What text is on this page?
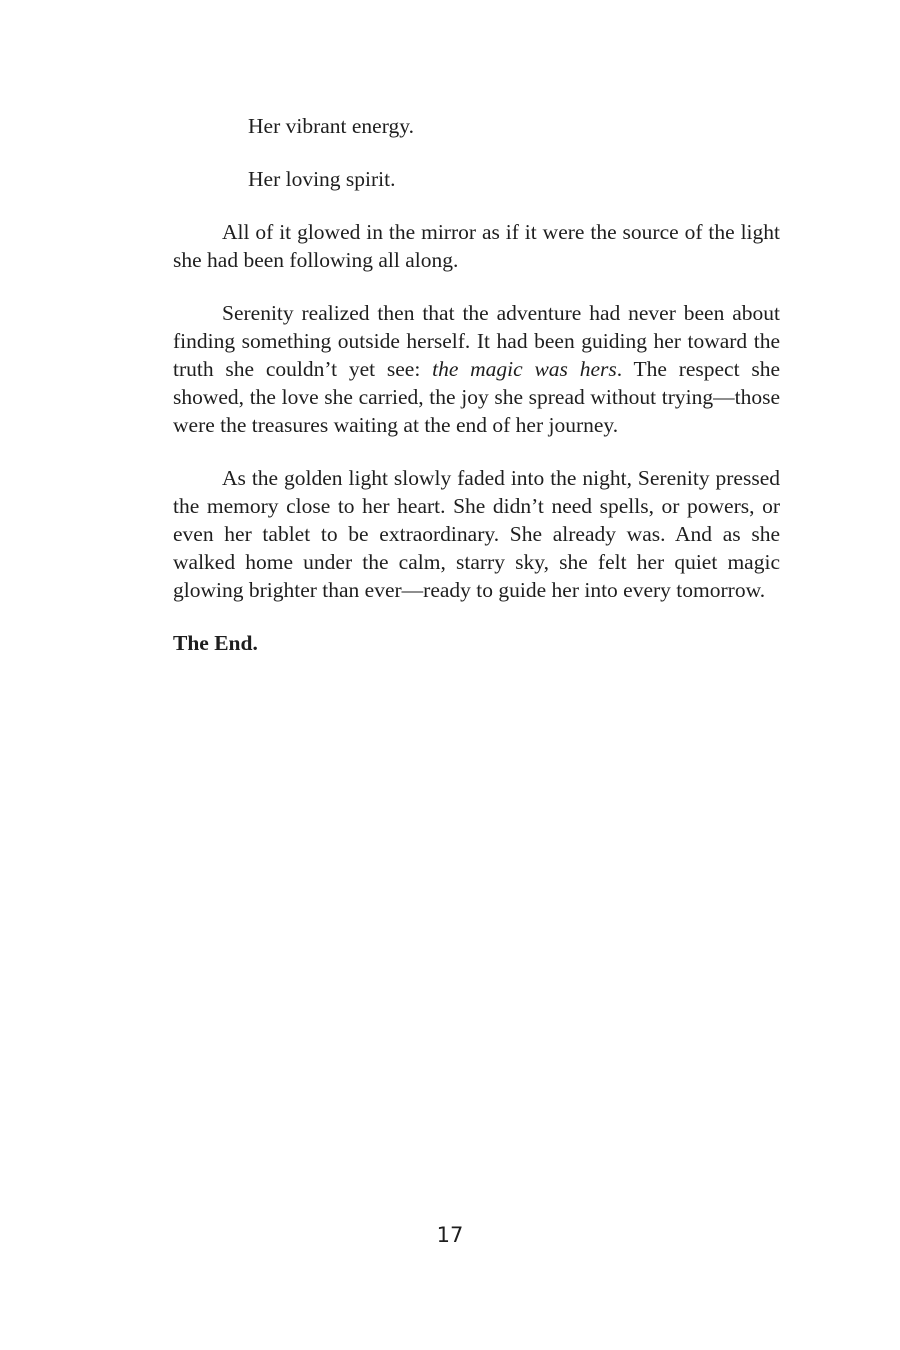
Her vibrant energy.

Her loving spirit.

All of it glowed in the mirror as if it were the source of the light she had been following all along.

Serenity realized then that the adventure had never been about finding something outside herself. It had been guiding her toward the truth she couldn’t yet see: the magic was hers. The respect she showed, the love she carried, the joy she spread without trying—those were the treasures waiting at the end of her journey.

As the golden light slowly faded into the night, Serenity pressed the memory close to her heart. She didn’t need spells, or powers, or even her tablet to be extraordinary. She already was. And as she walked home under the calm, starry sky, she felt her quiet magic glowing brighter than ever—ready to guide her into every tomorrow.

The End.

17
